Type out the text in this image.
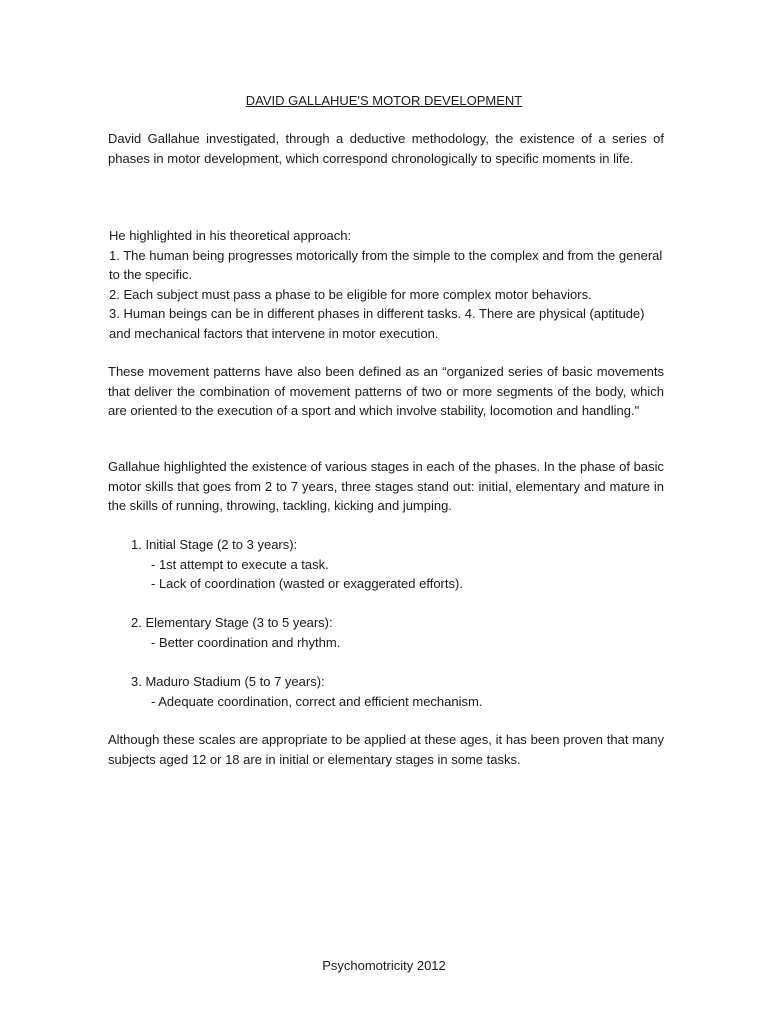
DAVID GALLAHUE'S MOTOR DEVELOPMENT

David Gallahue investigated, through a deductive methodology, the existence of a series of phases in motor development, which correspond chronologically to specific moments in life.

He highlighted in his theoretical approach:
1. The human being progresses motorically from the simple to the complex and from the general to the specific.
2. Each subject must pass a phase to be eligible for more complex motor behaviors.
3. Human beings can be in different phases in different tasks. 4. There are physical (aptitude) and mechanical factors that intervene in motor execution.

These movement patterns have also been defined as an “organized series of basic movements that deliver the combination of movement patterns of two or more segments of the body, which are oriented to the execution of a sport and which involve stability, locomotion and handling."

Gallahue highlighted the existence of various stages in each of the phases. In the phase of basic motor skills that goes from 2 to 7 years, three stages stand out: initial, elementary and mature in the skills of running, throwing, tackling, kicking and jumping.

1. Initial Stage (2 to 3 years):
- 1st attempt to execute a task.
- Lack of coordination (wasted or exaggerated efforts).
2. Elementary Stage (3 to 5 years):
- Better coordination and rhythm.
3. Maduro Stadium (5 to 7 years):
- Adequate coordination, correct and efficient mechanism.

Although these scales are appropriate to be applied at these ages, it has been proven that many subjects aged 12 or 18 are in initial or elementary stages in some tasks.

Psychomotricity 2012
